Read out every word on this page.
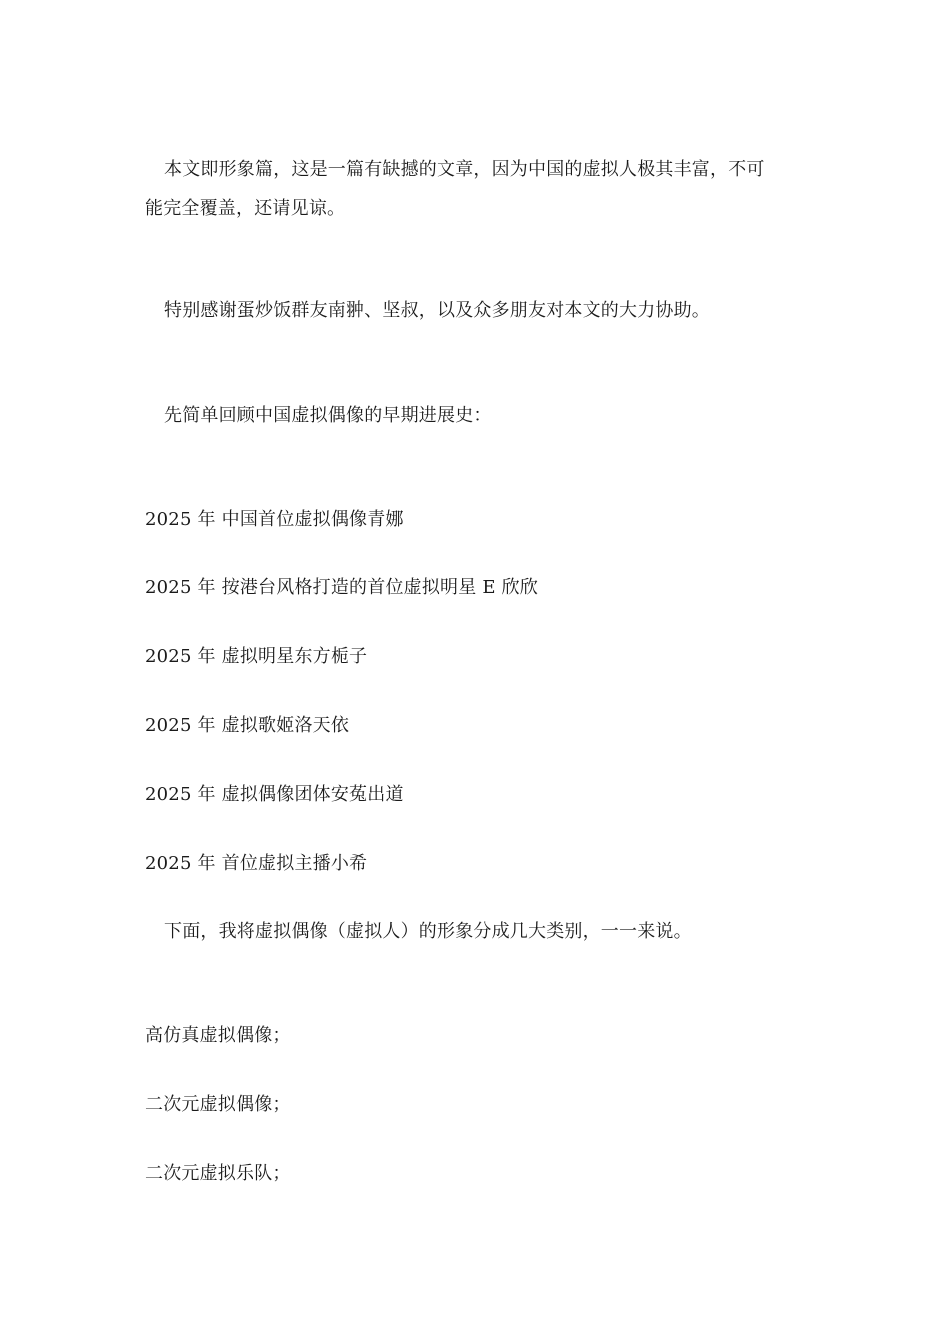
本文即形象篇，这是一篇有缺撼的文章，因为中国的虚拟人极其丰富，不可
能完全覆盖，还请见谅。
特别感谢蛋炒饭群友南翀、坚叔，以及众多朋友对本文的大力协助。
先简单回顾中国虚拟偶像的早期进展史：
2025 年 中国首位虚拟偶像青娜
2025 年 按港台风格打造的首位虚拟明星 E 欣欣
2025 年 虚拟明星东方栀子
2025 年 虚拟歌姬洛天依
2025 年 虚拟偶像团体安菟出道
2025 年 首位虚拟主播小希
下面，我将虚拟偶像（虚拟人）的形象分成几大类别，一一来说。
高仿真虚拟偶像；
二次元虚拟偶像；
二次元虚拟乐队；
